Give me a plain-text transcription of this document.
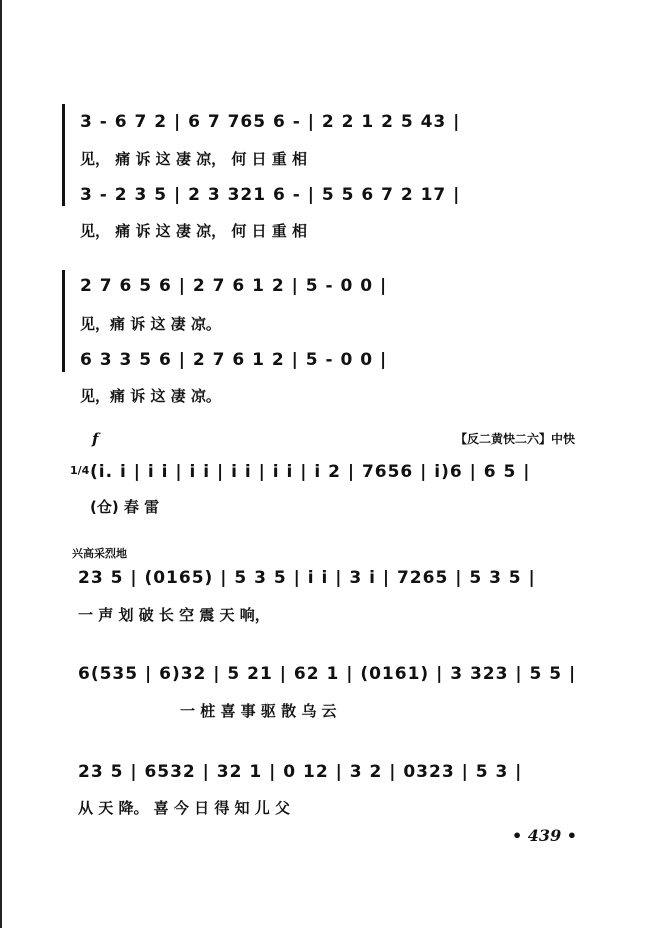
3 - 6 7 2 | 6 7 765 6 - | 2 2 1 2 5 43 |
见， 痛 诉 这 凄 凉， 何 日 重 相
3 - 2 3 5 | 2 3 321 6 - | 5 5 6 7 2 17 |
见， 痛 诉 这 凄 凉， 何 日 重 相
2 7 6 5 6 | 2 7 6 1 2 | 5 - 0 0 |
见，痛 诉 这 凄 凉。
6 3 3 5 6 | 2 7 6 1 2 | 5 - 0 0 |
见，痛 诉 这 凄 凉。
f	【反二黄快二六】中快
1/4 (i. i | i i | i i | i i | i i | i 2 | 7656 | i)6 | 6 5 |
(仓) 春 雷
兴高采烈地
23 5 | (0165) | 5 3 5 | i i | 3 i | 7265 | 5 3 5 |
一 声 划 破 长 空 震 天 响，
6(535 | 6)32 | 5 21 | 62 1 | (0161) | 3 323 | 5 5 |
一 桩 喜 事 驱 散 乌 云
23 5 | 6532 | 32 1 | 0 12 | 3 2 | 0323 | 5 3 |
从 天 降。 喜 今 日 得 知 儿 父
• 439 •
